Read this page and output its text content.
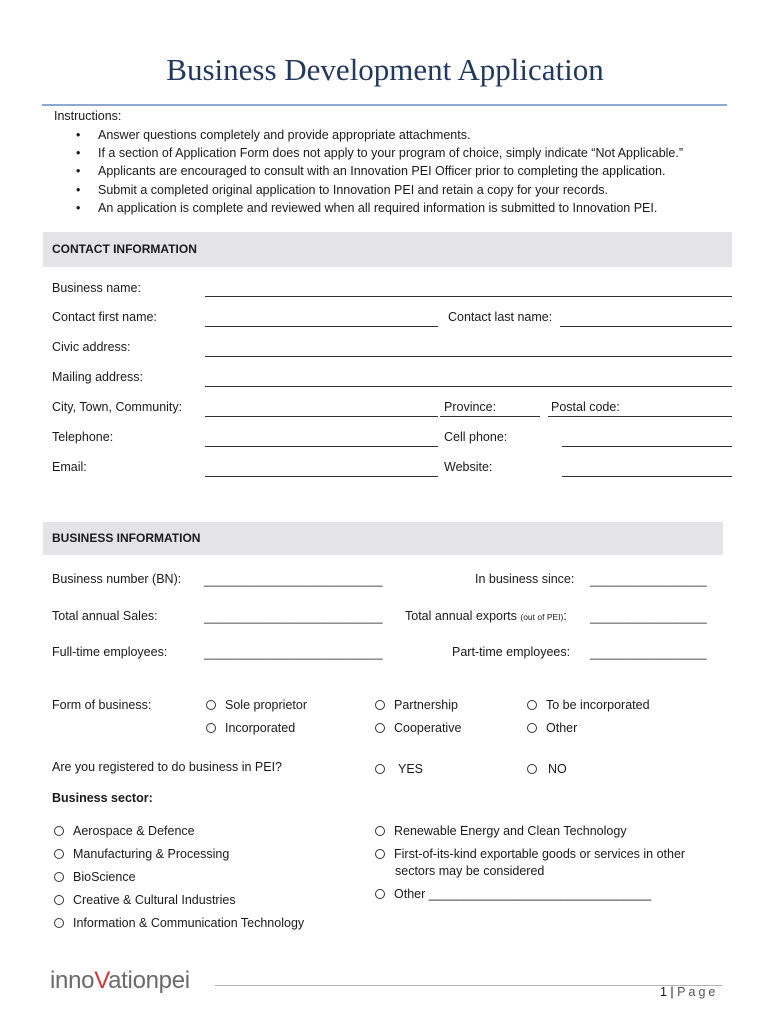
Business Development Application
Instructions:
• Answer questions completely and provide appropriate attachments.
• If a section of Application Form does not apply to your program of choice, simply indicate “Not Applicable.”
• Applicants are encouraged to consult with an Innovation PEI Officer prior to completing the application.
• Submit a completed original application to Innovation PEI and retain a copy for your records.
• An application is complete and reviewed when all required information is submitted to Innovation PEI.
CONTACT INFORMATION
Business name:
Contact first name:	Contact last name:
Civic address:
Mailing address:
City, Town, Community:	Province:	Postal code:
Telephone:	Cell phone:
Email:	Website:
BUSINESS INFORMATION
Business number (BN): __________________________	In business since: _________________
Total annual Sales:	__________________________ Total annual exports (out of PEI): _________________
Full-time employees:	__________________________	Part-time employees: _________________
Form of business:	Sole proprietor	Partnership	To be incorporated
Incorporated	Cooperative	Other
Are you registered to do business in PEI?	YES	NO
Business sector:
Aerospace & Defence
Manufacturing & Processing
BioScience
Creative & Cultural Industries
Information & Communication Technology
Renewable Energy and Clean Technology
First-of-its-kind exportable goods or services in other
sectors may be considered
Other ________________________________
innoVationpei	1 | Page
